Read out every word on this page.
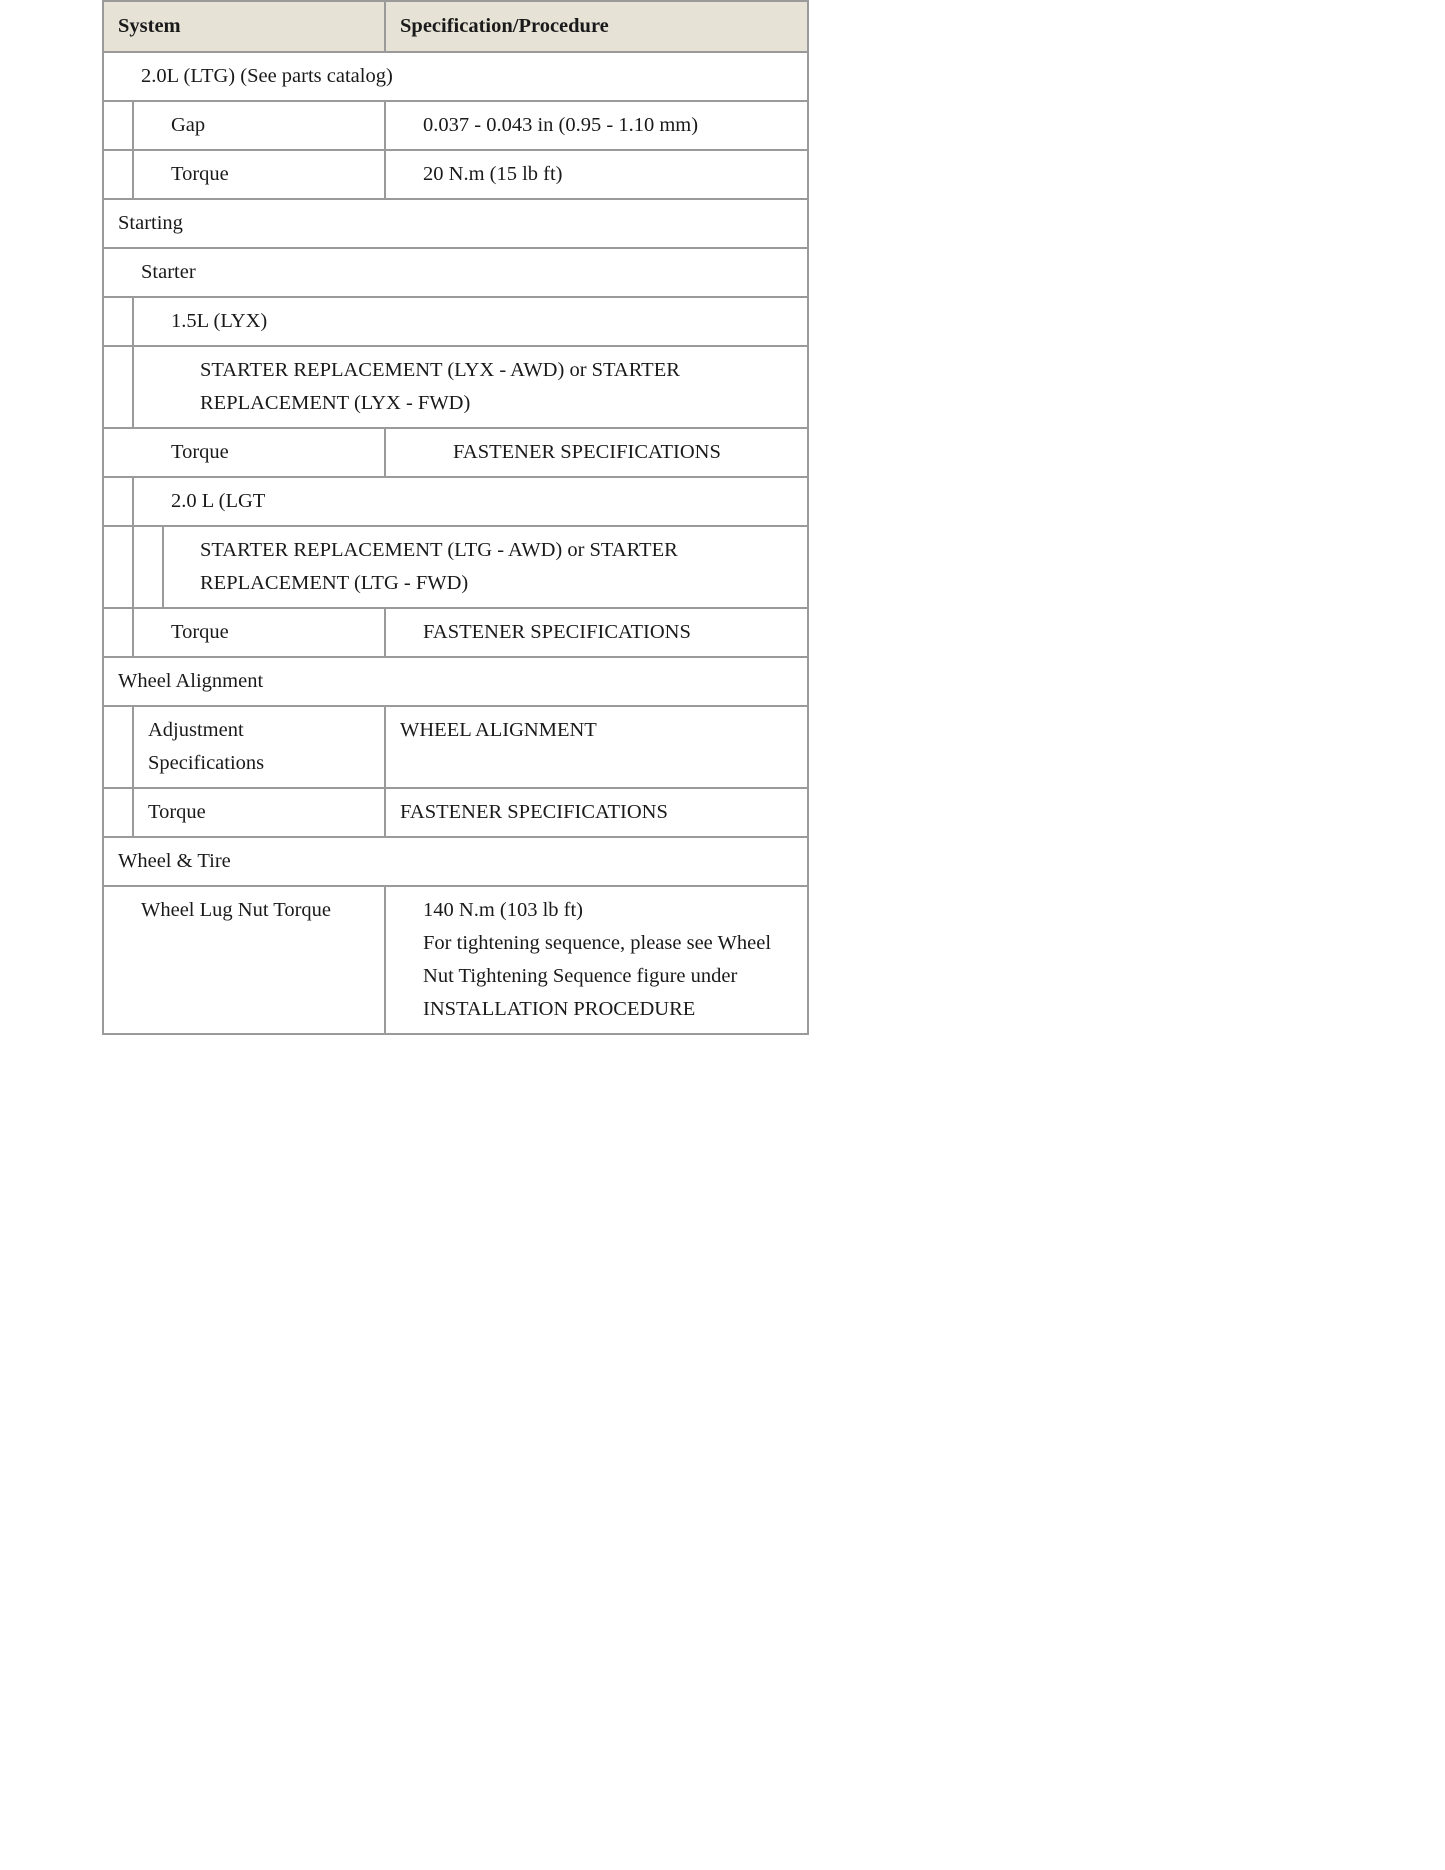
System			Specification/Procedure
2.0L (LTG) (See parts catalog)			
	Gap		0.037 - 0.043 in (0.95 - 1.10 mm)
	Torque		20 N.m (15 lb ft)
Starting			
Starter			
	1.5L (LYX)		
	STARTER REPLACEMENT (LYX - AWD) or STARTER REPLACEMENT (LYX - FWD)		
Torque			FASTENER SPECIFICATIONS
	2.0 L (LGT		
		STARTER REPLACEMENT (LTG - AWD) or STARTER REPLACEMENT (LTG - FWD)	
	Torque		FASTENER SPECIFICATIONS
Wheel Alignment			
	Adjustment Specifications		WHEEL ALIGNMENT
	Torque		FASTENER SPECIFICATIONS
Wheel & Tire			
Wheel Lug Nut Torque			140 N.m (103 lb ft)
For tightening sequence, please see Wheel Nut Tightening Sequence figure under INSTALLATION PROCEDURE
